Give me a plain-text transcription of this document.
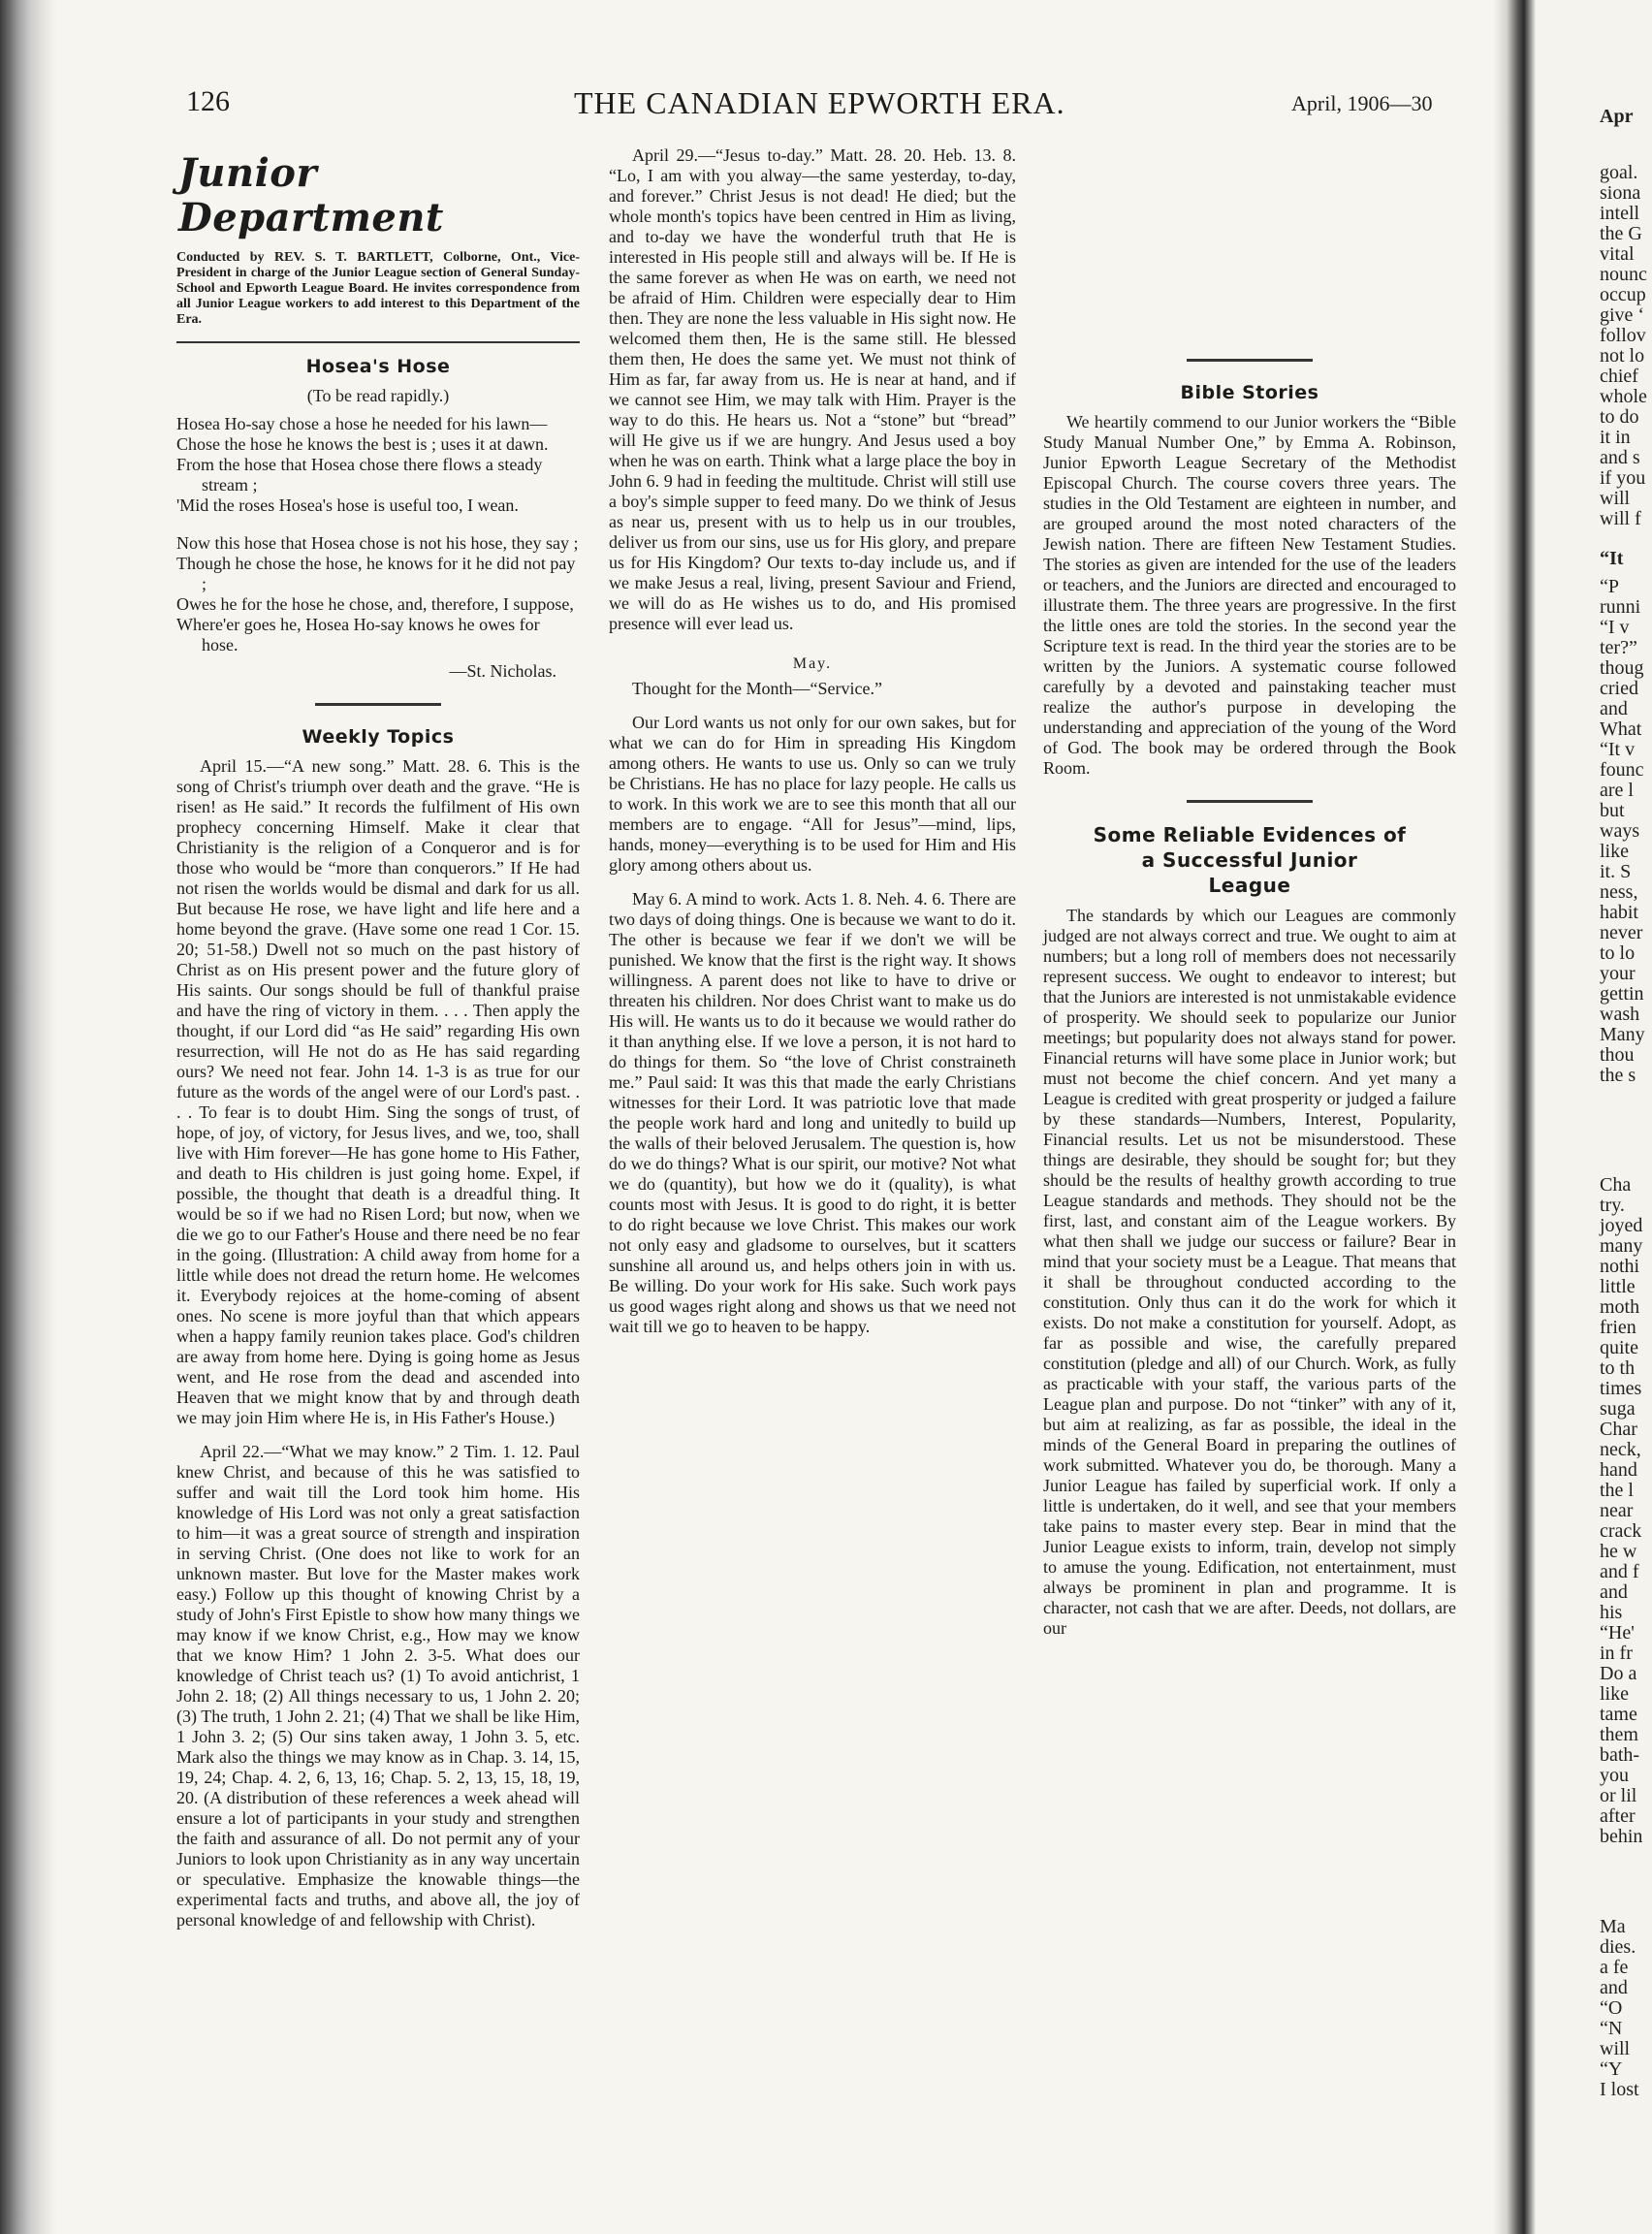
126	THE CANADIAN EPWORTH ERA.	April, 1906—30
Junior Department

Conducted by REV. S. T. BARTLETT, Colborne, Ont., Vice-President in charge of the Junior League section of General Sunday-School and Epworth League Board. He invites correspondence from all Junior League workers to add interest to this Department of the Era.

Hosea's Hose

(To be read rapidly.)

Hosea Ho-say chose a hose he needed for his lawn—

Chose the hose he knows the best is ; uses it at dawn.

From the hose that Hosea chose there flows a steady stream ;

'Mid the roses Hosea's hose is useful too, I wean.

Now this hose that Hosea chose is not his hose, they say ;

Though he chose the hose, he knows for it he did not pay ;

Owes he for the hose he chose, and, therefore, I suppose,

Where'er goes he, Hosea Ho-say knows he owes for hose.

—St. Nicholas.

Weekly Topics

April 15.—“A new song.” Matt. 28. 6. This is the song of Christ's triumph over death and the grave. “He is risen! as He said.” It records the fulfilment of His own prophecy concerning Himself. Make it clear that Christianity is the religion of a Conqueror and is for those who would be “more than conquerors.” If He had not risen the worlds would be dismal and dark for us all. But because He rose, we have light and life here and a home beyond the grave. (Have some one read 1 Cor. 15. 20; 51-58.) Dwell not so much on the past history of Christ as on His present power and the future glory of His saints. Our songs should be full of thankful praise and have the ring of victory in them. . . . Then apply the thought, if our Lord did “as He said” regarding His own resurrection, will He not do as He has said regarding ours? We need not fear. John 14. 1-3 is as true for our future as the words of the angel were of our Lord's past. . . . To fear is to doubt Him. Sing the songs of trust, of hope, of joy, of victory, for Jesus lives, and we, too, shall live with Him forever—He has gone home to His Father, and death to His children is just going home. Expel, if possible, the thought that death is a dreadful thing. It would be so if we had no Risen Lord; but now, when we die we go to our Father's House and there need be no fear in the going. (Illustration: A child away from home for a little while does not dread the return home. He welcomes it. Everybody rejoices at the home-coming of absent ones. No scene is more joyful than that which appears when a happy family reunion takes place. God's children are away from home here. Dying is going home as Jesus went, and He rose from the dead and ascended into Heaven that we might know that by and through death we may join Him where He is, in His Father's House.)

April 22.—“What we may know.” 2 Tim. 1. 12. Paul knew Christ, and because of this he was satisfied to suffer and wait till the Lord took him home. His knowledge of His Lord was not only a great satisfaction to him—it was a great source of strength and inspiration in serving Christ. (One does not like to work for an unknown master. But love for the Master makes work easy.) Follow up this thought of knowing Christ by a study of John's First Epistle to show how many things we may know if we know Christ, e.g., How may we know that we know Him? 1 John 2. 3-5. What does our knowledge of Christ teach us? (1) To avoid antichrist, 1 John 2. 18; (2) All things necessary to us, 1 John 2. 20; (3) The truth, 1 John 2. 21; (4) That we shall be like Him, 1 John 3. 2; (5) Our sins taken away, 1 John 3. 5, etc. Mark also the things we may know as in Chap. 3. 14, 15, 19, 24; Chap. 4. 2, 6, 13, 16; Chap. 5. 2, 13, 15, 18, 19, 20. (A distribution of these references a week ahead will ensure a lot of participants in your study and strengthen the faith and assurance of all. Do not permit any of your Juniors to look upon Christianity as in any way uncertain or speculative. Emphasize the knowable things—the experimental facts and truths, and above all, the joy of personal knowledge of and fellowship with Christ).

April 29.—“Jesus to-day.” Matt. 28. 20. Heb. 13. 8. “Lo, I am with you alway—the same yesterday, to-day, and forever.” Christ Jesus is not dead! He died; but the whole month's topics have been centred in Him as living, and to-day we have the wonderful truth that He is interested in His people still and always will be. If He is the same forever as when He was on earth, we need not be afraid of Him. Children were especially dear to Him then. They are none the less valuable in His sight now. He welcomed them then, He is the same still. He blessed them then, He does the same yet. We must not think of Him as far, far away from us. He is near at hand, and if we cannot see Him, we may talk with Him. Prayer is the way to do this. He hears us. Not a “stone” but “bread” will He give us if we are hungry. And Jesus used a boy when he was on earth. Think what a large place the boy in John 6. 9 had in feeding the multitude. Christ will still use a boy's simple supper to feed many. Do we think of Jesus as near us, present with us to help us in our troubles, deliver us from our sins, use us for His glory, and prepare us for His Kingdom? Our texts to-day include us, and if we make Jesus a real, living, present Saviour and Friend, we will do as He wishes us to do, and His promised presence will ever lead us.

May.

Thought for the Month—“Service.”

Our Lord wants us not only for our own sakes, but for what we can do for Him in spreading His Kingdom among others. He wants to use us. Only so can we truly be Christians. He has no place for lazy people. He calls us to work. In this work we are to see this month that all our members are to engage. “All for Jesus”—mind, lips, hands, money—everything is to be used for Him and His glory among others about us.

May 6. A mind to work. Acts 1. 8. Neh. 4. 6. There are two days of doing things. One is because we want to do it. The other is because we fear if we don't we will be punished. We know that the first is the right way. It shows willingness. A parent does not like to have to drive or threaten his children. Nor does Christ want to make us do His will. He wants us to do it because we would rather do it than anything else. If we love a person, it is not hard to do things for them. So “the love of Christ constraineth me.” Paul said: It was this that made the early Christians witnesses for their Lord. It was patriotic love that made the people work hard and long and unitedly to build up the walls of their beloved Jerusalem. The question is, how do we do things? What is our spirit, our motive? Not what we do (quantity), but how we do it (quality), is what counts most with Jesus. It is good to do right, it is better to do right because we love Christ. This makes our work not only easy and gladsome to ourselves, but it scatters sunshine all around us, and helps others join in with us. Be willing. Do your work for His sake. Such work pays us good wages right along and shows us that we need not wait till we go to heaven to be happy.

Bible Stories

We heartily commend to our Junior workers the “Bible Study Manual Number One,” by Emma A. Robinson, Junior Epworth League Secretary of the Methodist Episcopal Church. The course covers three years. The studies in the Old Testament are eighteen in number, and are grouped around the most noted characters of the Jewish nation. There are fifteen New Testament Studies. The stories as given are intended for the use of the leaders or teachers, and the Juniors are directed and encouraged to illustrate them. The three years are progressive. In the first the little ones are told the stories. In the second year the Scripture text is read. In the third year the stories are to be written by the Juniors. A systematic course followed carefully by a devoted and painstaking teacher must realize the author's purpose in developing the understanding and appreciation of the young of the Word of God. The book may be ordered through the Book Room.

Some Reliable Evidences of
a Successful Junior
League

The standards by which our Leagues are commonly judged are not always correct and true. We ought to aim at numbers; but a long roll of members does not necessarily represent success. We ought to endeavor to interest; but that the Juniors are interested is not unmistakable evidence of prosperity. We should seek to popularize our Junior meetings; but popularity does not always stand for power. Financial returns will have some place in Junior work; but must not become the chief concern. And yet many a League is credited with great prosperity or judged a failure by these standards—Numbers, Interest, Popularity, Financial results. Let us not be misunderstood. These things are desirable, they should be sought for; but they should be the results of healthy growth according to true League standards and methods. They should not be the first, last, and constant aim of the League workers. By what then shall we judge our success or failure? Bear in mind that your society must be a League. That means that it shall be throughout conducted according to the constitution. Only thus can it do the work for which it exists. Do not make a constitution for yourself. Adopt, as far as possible and wise, the carefully prepared constitution (pledge and all) of our Church. Work, as fully as practicable with your staff, the various parts of the League plan and purpose. Do not “tinker” with any of it, but aim at realizing, as far as possible, the ideal in the minds of the General Board in preparing the outlines of work submitted. Whatever you do, be thorough. Many a Junior League has failed by superficial work. If only a little is undertaken, do it well, and see that your members take pains to master every step. Bear in mind that the Junior League exists to inform, train, develop not simply to amuse the young. Edification, not entertainment, must always be prominent in plan and programme. It is character, not cash that we are after. Deeds, not dollars, are our

Apr
goal.
siona
intell
the G
vital
nounc
occup
give ‘
follov
not lo
chief
whole
to do
it in
and s
if you
will
will f
“It
“P
runni
“I v
ter?”
thoug
cried
and
What
“It v
founc
are l
but
ways
like
it. S
ness,
habit
never
to lo
your
gettin
wash
Many
thou
the s
Cha
try.
joyed
many
nothi
little
moth
frien
quite
to th
times
suga
Char
neck,
hand
the l
near
crack
he w
and f
and
his
“He'
in fr
Do a
like
tame
them
bath-
you
or lil
after
behin
Ma
dies.
a fe
and
“O
“N
will
“Y
I lost
